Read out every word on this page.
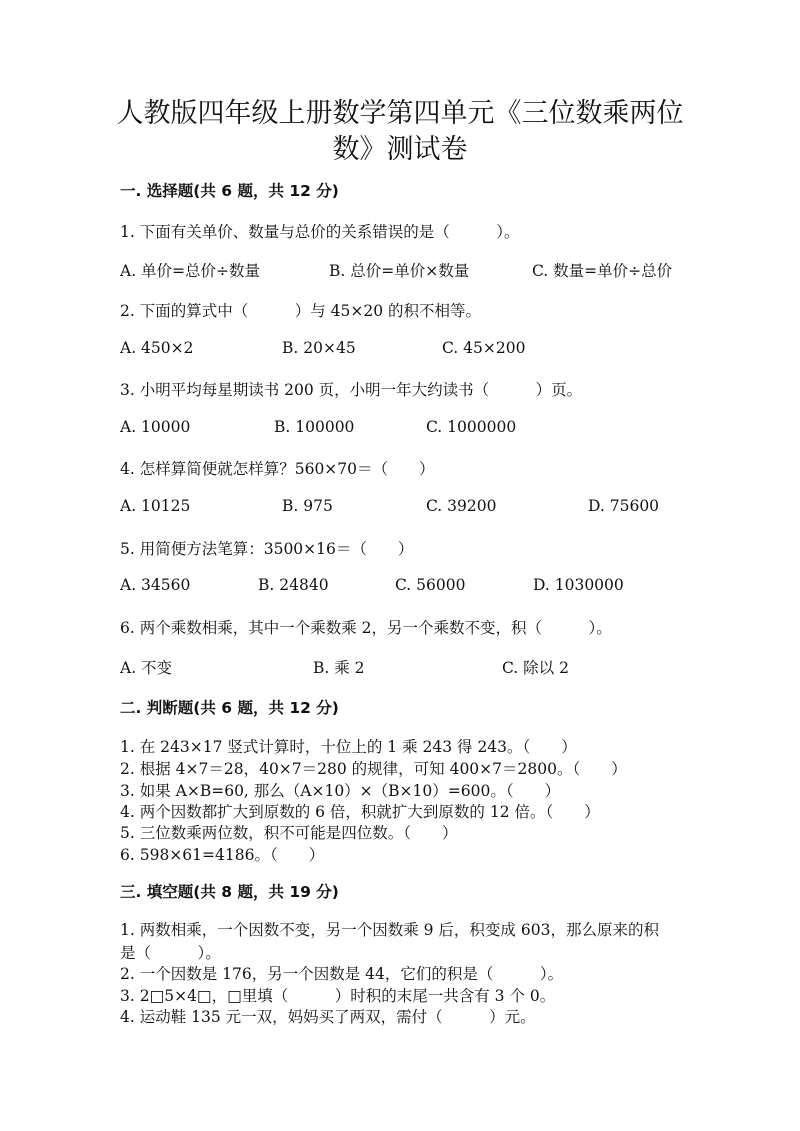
人教版四年级上册数学第四单元《三位数乘两位
数》测试卷
一. 选择题(共 6 题，共 12 分)
1. 下面有关单价、数量与总价的关系错误的是（　　　）。
A. 单价=总价÷数量	B. 总价=单价×数量	C. 数量=单价÷总价
2. 下面的算式中（　　　）与 45×20 的积不相等。
A. 450×2	B. 20×45	C. 45×200
3. 小明平均每星期读书 200 页，小明一年大约读书（　　　）页。
A. 10000	B. 100000	C. 1000000
4. 怎样算简便就怎样算？560×70＝（　　）
A. 10125	B. 975	C. 39200	D. 75600
5. 用简便方法笔算：3500×16＝（　　）
A. 34560	B. 24840	C. 56000	D. 1030000
6. 两个乘数相乘，其中一个乘数乘 2，另一个乘数不变，积（　　　）。
A. 不变	B. 乘 2	C. 除以 2
二. 判断题(共 6 题，共 12 分)
1. 在 243×17 竖式计算时，十位上的 1 乘 243 得 243。（　　）
2. 根据 4×7＝28，40×7＝280 的规律，可知 400×7＝2800。（　　）
3. 如果 A×B=60, 那么（A×10）×（B×10）=600。（　　）
4. 两个因数都扩大到原数的 6 倍，积就扩大到原数的 12 倍。（　　）
5. 三位数乘两位数，积不可能是四位数。（　　）
6. 598×61=4186。（　　）
三. 填空题(共 8 题，共 19 分)
1. 两数相乘，一个因数不变，另一个因数乘 9 后，积变成 603，那么原来的积
是（　　　）。
2. 一个因数是 176，另一个因数是 44，它们的积是（　　　）。
3. 2□5×4□，□里填（　　　）时积的末尾一共含有 3 个 0。
4. 运动鞋 135 元一双，妈妈买了两双，需付（　　　）元。
